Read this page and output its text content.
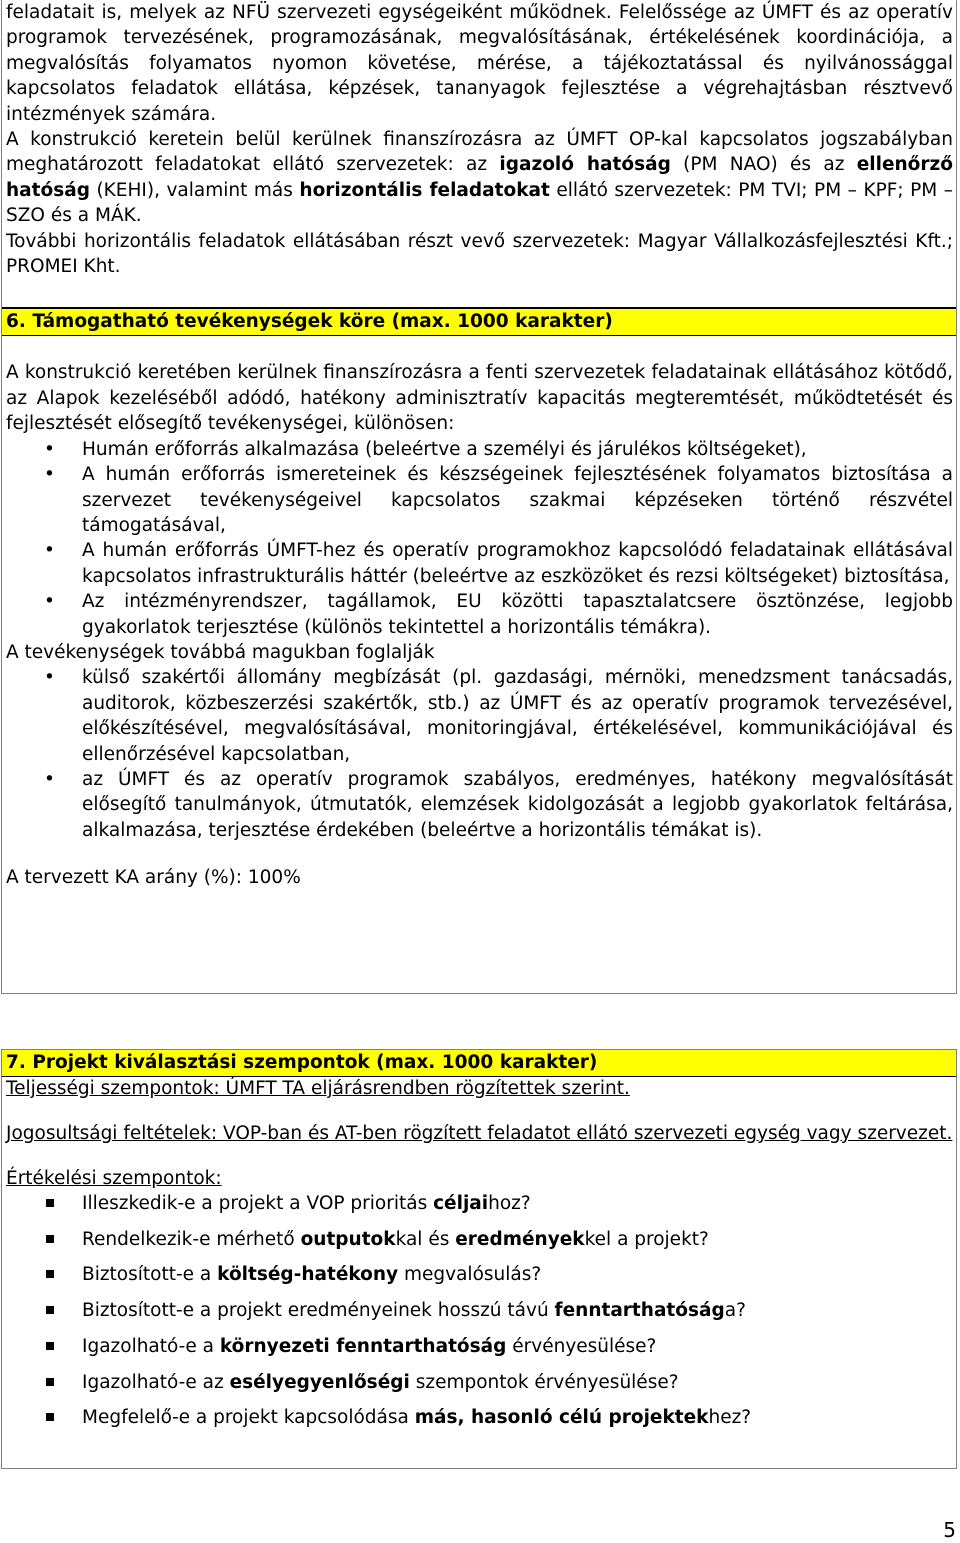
feladatait is, melyek az NFÜ szervezeti egységeiként működnek. Felelőssége az ÚMFT és az operatív programok tervezésének, programozásának, megvalósításának, értékelésének koordinációja, a megvalósítás folyamatos nyomon követése, mérése, a tájékoztatással és nyilvánossággal kapcsolatos feladatok ellátása, képzések, tananyagok fejlesztése a végrehajtásban résztvevő intézmények számára.

A konstrukció keretein belül kerülnek finanszírozásra az ÚMFT OP-kal kapcsolatos jogszabályban meghatározott feladatokat ellátó szervezetek: az igazoló hatóság (PM NAO) és az ellenőrző hatóság (KEHI), valamint más horizontális feladatokat ellátó szervezetek: PM TVI; PM – KPF; PM – SZO és a MÁK.

További horizontális feladatok ellátásában részt vevő szervezetek: Magyar Vállalkozásfejlesztési Kft.; PROMEI Kht.

6. Támogatható tevékenységek köre (max. 1000 karakter)

A konstrukció keretében kerülnek finanszírozásra a fenti szervezetek feladatainak ellátásához kötődő, az Alapok kezeléséből adódó, hatékony adminisztratív kapacitás megteremtését, működtetését és fejlesztését elősegítő tevékenységei, különösen:

• Humán erőforrás alkalmazása (beleértve a személyi és járulékos költségeket),
• A humán erőforrás ismereteinek és készségeinek fejlesztésének folyamatos biztosítása a szervezet tevékenységeivel kapcsolatos szakmai képzéseken történő részvétel támogatásával,
• A humán erőforrás ÚMFT-hez és operatív programokhoz kapcsolódó feladatainak ellátásával kapcsolatos infrastrukturális háttér (beleértve az eszközöket és rezsi költségeket) biztosítása,
• Az intézményrendszer, tagállamok, EU közötti tapasztalatcsere ösztönzése, legjobb gyakorlatok terjesztése (különös tekintettel a horizontális témákra).

A tevékenységek továbbá magukban foglalják

• külső szakértői állomány megbízását (pl. gazdasági, mérnöki, menedzsment tanácsadás, auditorok, közbeszerzési szakértők, stb.) az ÚMFT és az operatív programok tervezésével, előkészítésével, megvalósításával, monitoringjával, értékelésével, kommunikációjával és ellenőrzésével kapcsolatban,
• az ÚMFT és az operatív programok szabályos, eredményes, hatékony megvalósítását elősegítő tanulmányok, útmutatók, elemzések kidolgozását a legjobb gyakorlatok feltárása, alkalmazása, terjesztése érdekében (beleértve a horizontális témákat is).

A tervezett KA arány (%): 100%

7. Projekt kiválasztási szempontok (max. 1000 karakter)

Teljességi szempontok: ÚMFT TA eljárásrendben rögzítettek szerint.

Jogosultsági feltételek: VOP-ban és AT-ben rögzített feladatot ellátó szervezeti egység vagy szervezet.

Értékelési szempontok:

Illeszkedik-e a projekt a VOP prioritás céljaihoz?
Rendelkezik-e mérhető outputokkal és eredményekkel a projekt?
Biztosított-e a költség-hatékony megvalósulás?
Biztosított-e a projekt eredményeinek hosszú távú fenntarthatósága?
Igazolható-e a környezeti fenntarthatóság érvényesülése?
Igazolható-e az esélyegyenlőségi szempontok érvényesülése?
Megfelelő-e a projekt kapcsolódása más, hasonló célú projektekhez?
5
